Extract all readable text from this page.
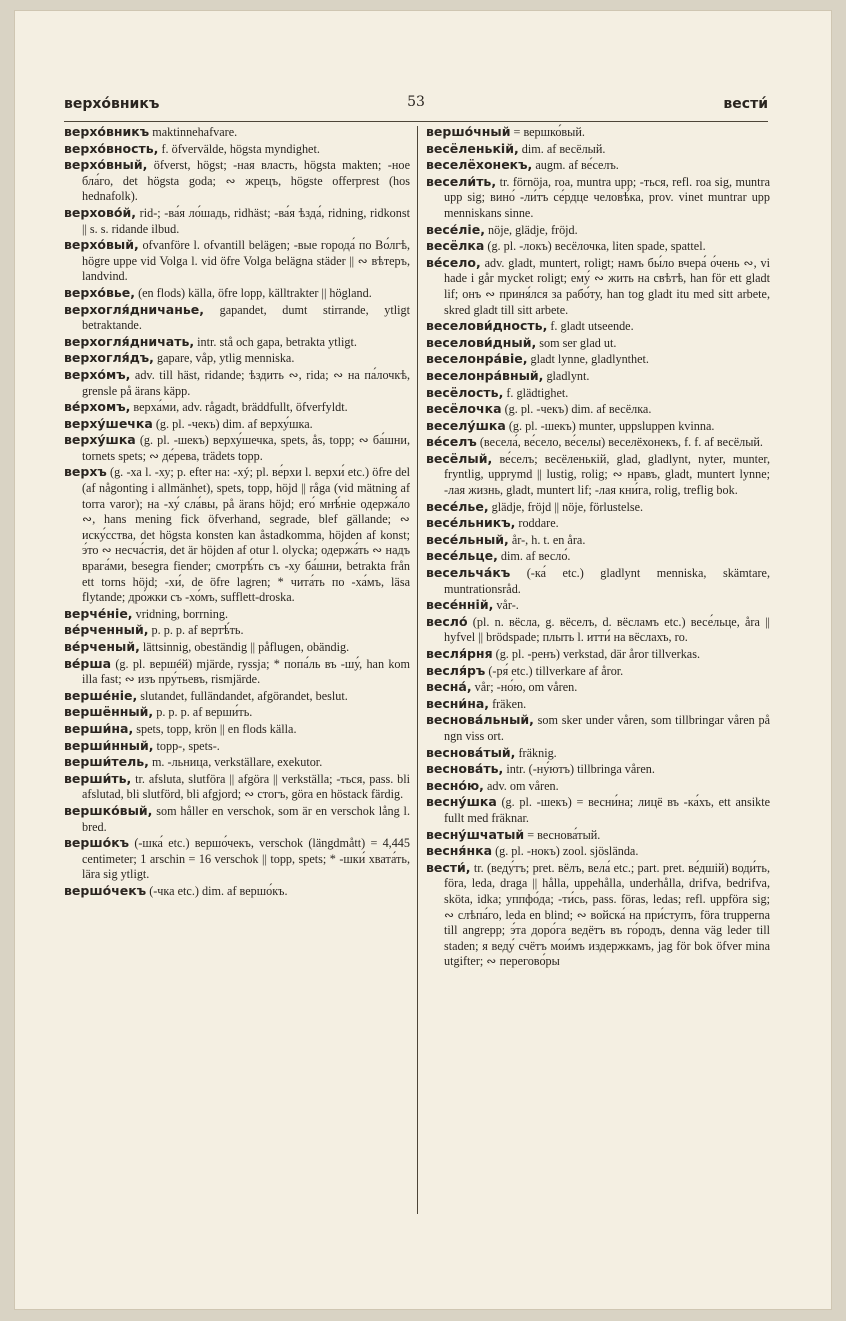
верхо́вникъ	53	вести́

верхо́вникъ maktinnehafvare.

верхо́вность, f. öfvervälde, högsta myndighet.

верхо́вный, öfverst, högst; -ная власть, högsta makten; -ное бла́го, det högsta goda; ∾ жрецъ, högste offerprest (hos hednafolk).

верхово́й, rid-; -ва́я ло́шадь, ridhäst; -ва́я ѣзда́, ridning, ridkonst || s. s. ridande ilbud.

верхо́вый, ofvanföre l. ofvantill belägen; -вые города́ по Во́лгѣ, högre uppe vid Volga l. vid öfre Volga belägna städer || ∾ вѣтеръ, landvind.

верхо́вье, (en flods) källa, öfre lopp, källtrakter || högland.

верхогля́дничанье, gapandet, dumt stirrande, ytligt betraktande.

верхогля́дничать, intr. stå och gapa, betrakta ytligt.

верхогля́дъ, gapare, våp, ytlig menniska.

верхо́мъ, adv. till häst, ridande; ѣздить ∾, rida; ∾ на па́лочкѣ, grensle på ärans käpp.

ве́рхомъ, верха́ми, adv. rågadt, bräddfullt, öfverfyldt.

верху́шечка (g. pl. -чекъ) dim. af верху́шка.

верху́шка (g. pl. -шекъ) верху́шечка, spets, ås, topp; ∾ ба́шни, tornets spets; ∾ де́рева, trädets topp.

верхъ (g. -ха l. -ху; p. efter на: -xý; pl. ве́рхи l. верхи́ etc.) öfre del (af någonting i allmänhet), spets, topp, höjd || råga (vid mätning af torra varor); на -ху́ сла́вы, på ärans höjd; его́ мнѣ́ніе одержа́ло ∾, hans mening fick öfverhand, segrade, blef gällande; ∾ иску́сства, det högsta konsten kan åstadkomma, höjden af konst; э́то ∾ несча́стія, det är höjden af otur l. olycka; одержа́ть ∾ надъ врага́ми, besegra fiender; смотрѣ́ть съ -ху ба́шни, betrakta från ett torns höjd; -хи́, de öfre lagren; * чита́ть по -ха́мъ, läsa flytande; дро́жки съ -хо́мъ, sufflett-droska.

верче́ніе, vridning, borrning.

ве́рченный, p. p. p. af вертѣ́ть.

ве́рченый, lättsinnig, obeständig || påflugen, obändig.

ве́рша (g. pl. вершéй) mjärde, ryssja; * попа́ль въ -шу́, han kom illa fast; ∾ изъ пру́тьевъ, rismjärde.

верше́ніе, slutandet, fulländandet, afgörandet, beslut.

вершённый, p. p. p. af верши́ть.

верши́на, spets, topp, krön || en flods källa.

верши́нный, topp-, spets-.

верши́тель, m. -льница, verkställare, exekutor.

верши́ть, tr. afsluta, slutföra || afgöra || verkställa; -ться, pass. bli afslutad, bli slutförd, bli afgjord; ∾ стогъ, göra en höstack färdig.

вершко́вый, som håller en verschok, som är en verschok lång l. bred.

вершо́къ (-шка́ etc.) вершо́чекъ, verschok (längdmått) = 4,445 centimeter; 1 arschin = 16 verschok || topp, spets; * -шки́ хвата́ть, lära sig ytligt.

вершо́чекъ (-чка etc.) dim. af вершо́къ.

вершо́чный = вершко́вый.

весёленькій, dim. af весёлый.

веселёхонекъ, augm. af ве́селъ.

весели́ть, tr. förnöja, roa, muntra upp; -ться, refl. roa sig, muntra upp sig; вино́ -ли́тъ се́рдце человѣ́ка, prov. vinet muntrar upp menniskans sinne.

весе́ліе, nöje, glädje, fröjd.

весёлка (g. pl. -локъ) весёлочка, liten spade, spattel.

ве́село, adv. gladt, muntert, roligt; намъ бы́ло вчера́ о́чень ∾, vi hade i går mycket roligt; ему́ ∾ жить на свѣтѣ, han för ett gladt lif; онъ ∾ приня́лся за рабо́ту, han tog gladt itu med sitt arbete, skred gladt till sitt arbete.

веселови́дность, f. gladt utseende.

веселови́дный, som ser glad ut.

веселонра́віе, gladt lynne, gladlynthet.

веселонра́вный, gladlynt.

весёлость, f. glädtighet.

весёлочка (g. pl. -чекъ) dim. af весёлка.

веселу́шка (g. pl. -шекъ) munter, uppsluppen kvinna.

ве́селъ (весела́, ве́село, ве́селы) веселёхонекъ, f. f. af весёлый.

весёлый, ве́селъ; весёленькій, glad, gladlynt, nyter, munter, fryntlig, upprymd || lustig, rolig; ∾ нравъ, gladt, muntert lynne; -лая жизнь, gladt, muntert lif; -лая кни́га, rolig, treflig bok.

весе́лье, glädje, fröjd || nöje, förlustelse.

весе́льникъ, roddare.

весе́льный, år-, h. t. en åra.

весе́льце, dim. af весло́.

весельча́къ (-ка́ etc.) gladlynt menniska, skämtare, muntrationsråd.

весе́нній, vår-.

весло́ (pl. n. вёсла, g. вёселъ, d. вёсламъ etc.) весе́льце, åra || hyfvel || brödspade; плыть l. итти́ на вёслахъ, ro.

весля́рня (g. pl. -ренъ) verkstad, där åror tillverkas.

весля́ръ (-ря́ etc.) tillverkare af åror.

весна́, vår; -но́ю, om våren.

весни́на, fräken.

веснова́льный, som sker under våren, som tillbringar våren på ngn viss ort.

веснова́тый, fräknig.

веснова́ть, intr. (-ну́ютъ) tillbringa våren.

весно́ю, adv. om våren.

весну́шка (g. pl. -шекъ) = весни́на; лицё въ -ка́хъ, ett ansikte fullt med fräknar.

весну́шчатый = веснова́тый.

весня́нка (g. pl. -нокъ) zool. sjöslända.

вести́, tr. (веду́тъ; pret. вёлъ, вела́ etc.; part. pret. ве́дшій) води́ть, föra, leda, draga || hålla, uppehålla, underhålla, drifva, bedrifva, sköta, idka; уппфо́да; -ти́сь, pass. föras, ledas; refl. uppföra sig; ∾ слѣпа́го, leda en blind; ∾ войска́ на при́ступъ, föra trupperna till angrepp; э́та доро́га ведётъ въ го́родъ, denna väg leder till staden; я веду́ счётъ мои́мъ издержкамъ, jag för bok öfver mina utgifter; ∾ перегово́ры
